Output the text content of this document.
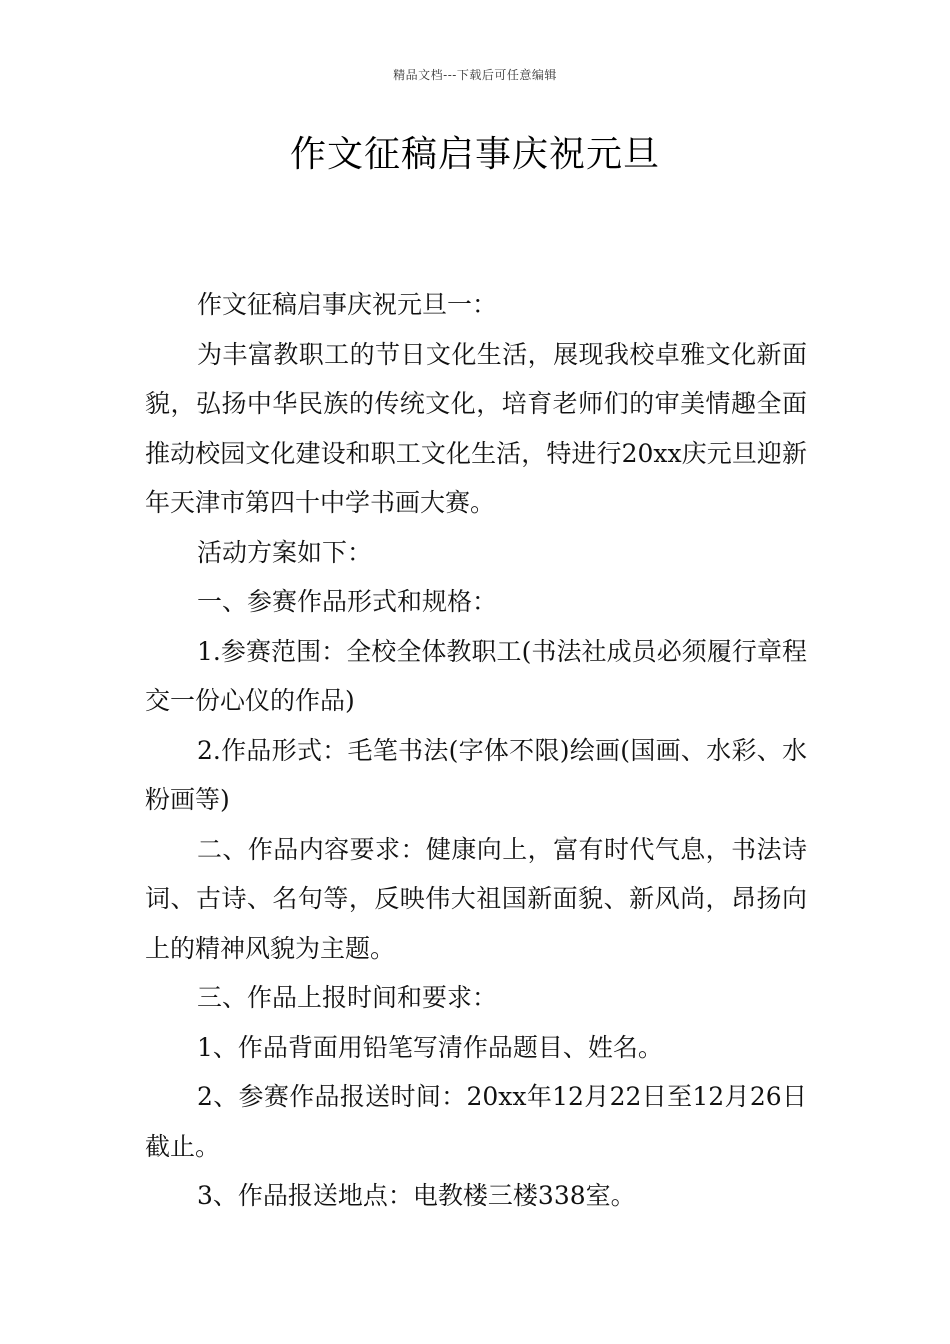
精品文档---下载后可任意编辑
作文征稿启事庆祝元旦

作文征稿启事庆祝元旦一：

为丰富教职工的节日文化生活，展现我校卓雅文化新面貌，弘扬中华民族的传统文化，培育老师们的审美情趣全面推动校园文化建设和职工文化生活，特进行20xx庆元旦迎新年天津市第四十中学书画大赛。

活动方案如下：

一、参赛作品形式和规格：

1.参赛范围：全校全体教职工(书法社成员必须履行章程交一份心仪的作品)

2.作品形式：毛笔书法(字体不限)绘画(国画、水彩、水粉画等)

二、作品内容要求：健康向上，富有时代气息，书法诗词、古诗、名句等，反映伟大祖国新面貌、新风尚，昂扬向上的精神风貌为主题。

三、作品上报时间和要求：

1、作品背面用铅笔写清作品题目、姓名。

2、参赛作品报送时间：20xx年12月22日至12月26日截止。

3、作品报送地点：电教楼三楼338室。
